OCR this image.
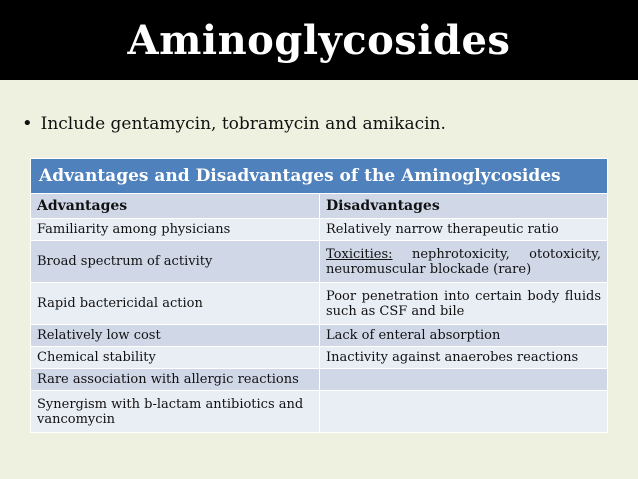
Aminoglycosides
• Include gentamycin, tobramycin and amikacin.
Advantages and Disadvantages of the Aminoglycosides	
Advantages	Disadvantages
Familiarity among physicians	Relatively narrow therapeutic ratio
Broad spectrum of activity	Toxicities: nephrotoxicity, ototoxicity, neuromuscular blockade (rare)
Rapid bactericidal action	Poor penetration into certain body fluids such as CSF and bile
Relatively low cost	Lack of enteral absorption
Chemical stability	Inactivity against anaerobes reactions
Rare association with allergic reactions	
Synergism with b-lactam antibiotics and vancomycin	
